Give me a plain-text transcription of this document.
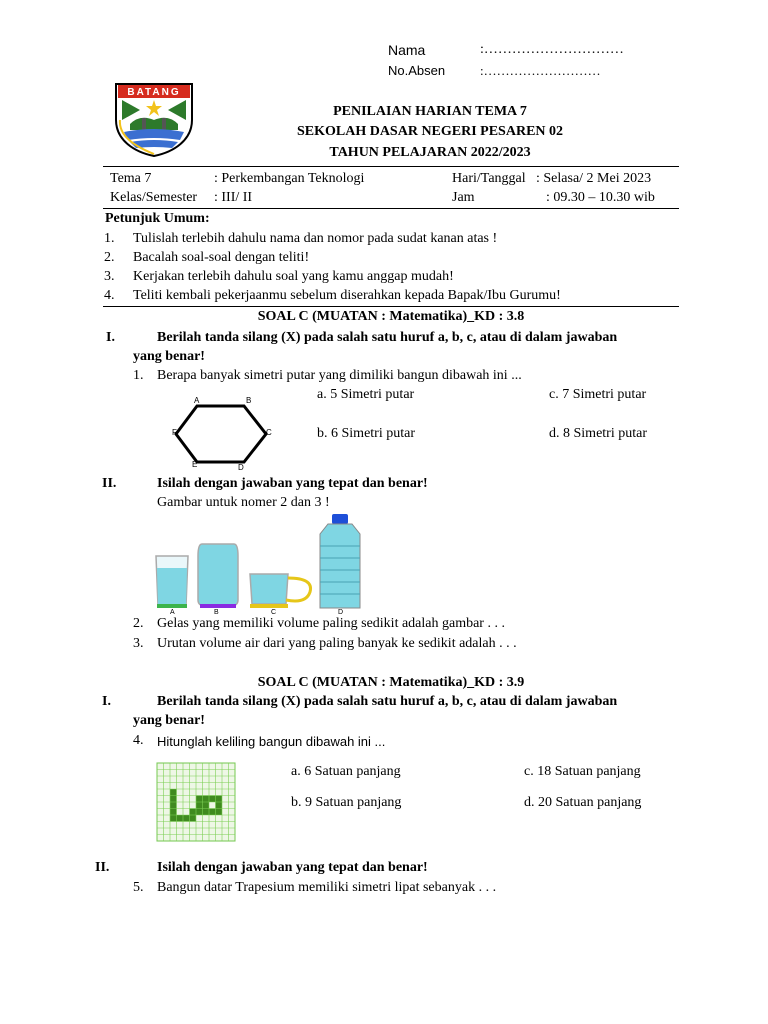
Nama	:…………………………
No.Absen	:………………………
BATANG
PENILAIAN HARIAN TEMA 7
SEKOLAH DASAR NEGERI PESAREN 02
TAHUN PELAJARAN 2022/2023
Tema 7	: Perkembangan Teknologi	Hari/Tanggal : Selasa/ 2 Mei 2023
Kelas/Semester : III/ II	Jam	: 09.30 – 10.30 wib
Petunjuk Umum:
1. Tulislah terlebih dahulu nama dan nomor pada sudat kanan atas !
2. Bacalah soal-soal dengan teliti!
3. Kerjakan terlebih dahulu soal yang kamu anggap mudah!
4. Teliti kembali pekerjaanmu sebelum diserahkan kepada Bapak/Ibu Gurumu!
SOAL C (MUATAN : Matematika)_KD : 3.8
I.	Berilah tanda silang (X) pada salah satu huruf a, b, c, atau di dalam jawaban
yang benar!
1. Berapa banyak simetri putar yang dimiliki bangun dibawah ini ...
A	B
C
D
E
F
a. 5 Simetri putar	c. 7 Simetri putar
b. 6 Simetri putar	d. 8 Simetri putar
II.	Isilah dengan jawaban yang tepat dan benar!
Gambar untuk nomer 2 dan 3 !
A	B	C	D
2. Gelas yang memiliki volume paling sedikit adalah gambar . . .
3. Urutan volume air dari yang paling banyak ke sedikit adalah . . .
SOAL C (MUATAN : Matematika)_KD : 3.9
I.	Berilah tanda silang (X) pada salah satu huruf a, b, c, atau di dalam jawaban
yang benar!
4. Hitunglah keliling bangun dibawah ini ...
a. 6 Satuan panjang	c. 18 Satuan panjang
b. 9 Satuan panjang	d. 20 Satuan panjang
II.	Isilah dengan jawaban yang tepat dan benar!
5. Bangun datar Trapesium memiliki simetri lipat sebanyak . . .
